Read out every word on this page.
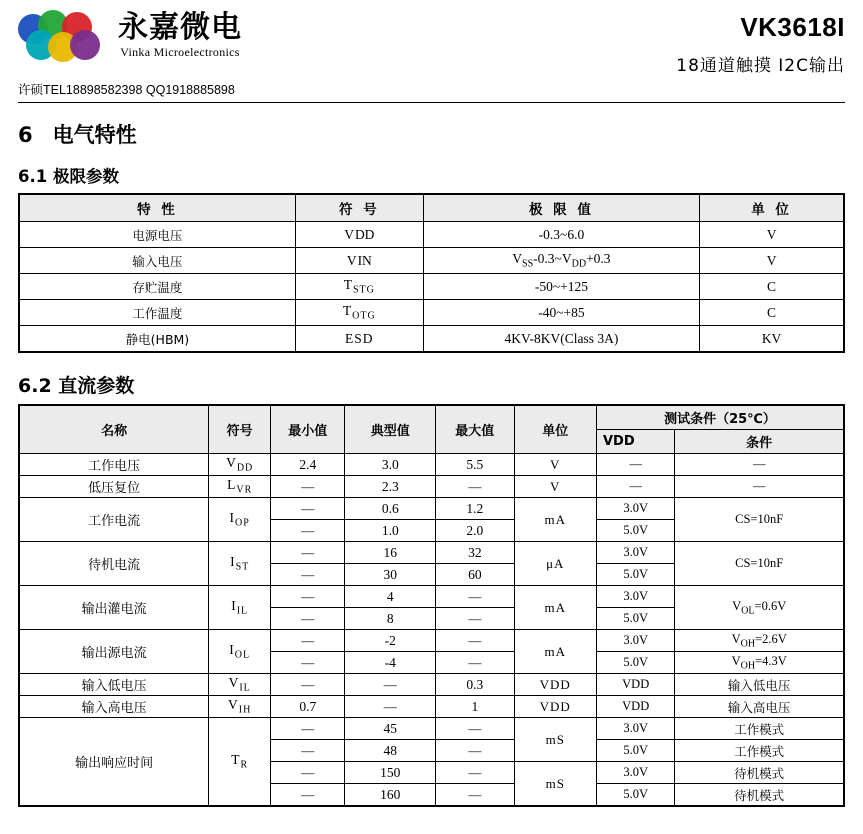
永嘉微电
Vinka Microelectronics
VK3618I
18通道触摸 I2C输出
许硕TEL18898582398 QQ1918885898
6 电气特性
6.1 极限参数
特 性	符 号	极 限 值	单 位
电源电压	VDD	-0.3~6.0	V
输入电压	VIN	$V_{SS}-0.3\sim V_{DD}+0.3$	V
存贮温度	$T_{STG}$	-50~+125	C
工作温度	$T_{OTG}$	-40~+85	C
静电(HBM)	ESD	4KV-8KV(Class 3A)	KV
6.2 直流参数
名称	符号	最小值	典型值	最大值	单位	测试条件（25℃）	
						VDD	条件
工作电压	$V_{DD}$	2.4	3.0	5.5	V	—	—
低压复位	$L_{VR}$	—	2.3	—	V	—	—
工作电流	$I_{OP}$	—	0.6	1.2	mA	3.0V	CS=10nF
		—	1.0	2.0		5.0V	
待机电流	$I_{ST}$	—	16	32	μA	3.0V	CS=10nF
		—	30	60		5.0V	
输出灌电流	$I_{IL}$	—	4	—	mA	3.0V	$V_{OL}=0.6V$
		—	8	—		5.0V	
输出源电流	$I_{OL}$	—	-2	—	mA	3.0V	$V_{OH}=2.6V$
		—	-4	—		5.0V	$V_{OH}=4.3V$
输入低电压	$V_{IL}$	—	—	0.3	VDD	VDD	输入低电压
输入高电压	$V_{IH}$	0.7	—	1	VDD	VDD	输入高电压
输出响应时间	$T_R$	—	45	—	mS	3.0V	工作模式
		—	48	—		5.0V	工作模式
		—	150	—	mS	3.0V	待机模式
		—	160	—		5.0V	待机模式
